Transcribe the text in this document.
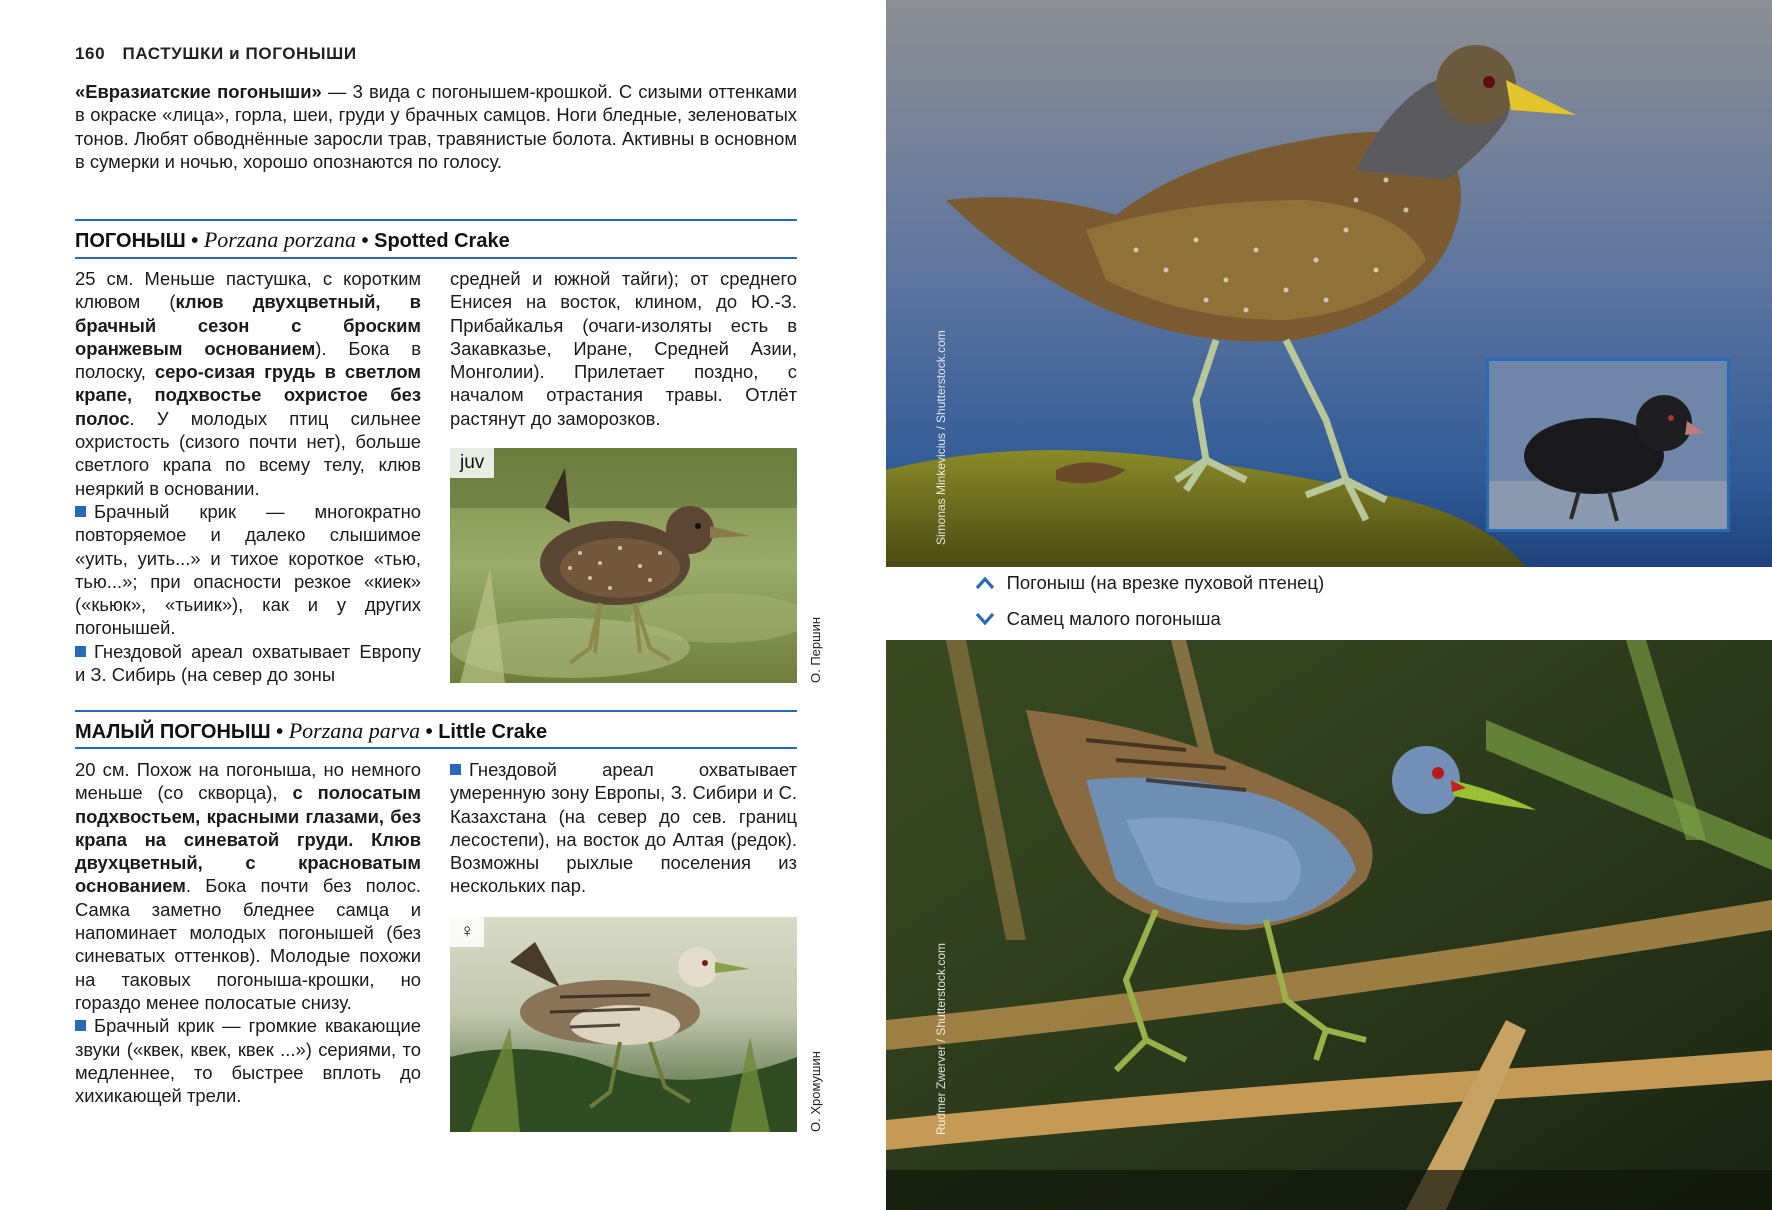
160 ПАСТУШКИ и ПОГОНЫШИ
«Евразиатские погоныши» — 3 вида с погонышем-крошкой. С сизыми оттенками в окраске «лица», горла, шеи, груди у брачных самцов. Ноги бледные, зеленоватых тонов. Любят обводнённые заросли трав, травянистые болота. Активны в основном в сумерки и ночью, хорошо опознаются по голосу.
ПОГОНЫШ • Porzana porzana • Spotted Crake
25 см. Меньше пастушка, с коротким клювом (клюв двухцветный, в брачный сезон с броским оранжевым основанием). Бока в полоску, серо-сизая грудь в светлом крапе, подхвостье охристое без полос. У молодых птиц сильнее охристость (сизого почти нет), больше светлого крапа по всему телу, клюв неяркий в основании.
Брачный крик — многократно повторяемое и далеко слышимое «уить, уить...» и тихое короткое «тью, тью...»; при опасности резкое «киек» («кьюк», «тьиик»), как и у других погонышей.
Гнездовой ареал охватывает Европу и З. Сибирь (на север до зоны
средней и южной тайги); от среднего Енисея на восток, клином, до Ю.-З. Прибайкалья (очаги-изоляты есть в Закавказье, Иране, Средней Азии, Монголии). Прилетает поздно, с началом отрастания травы. Отлёт растянут до заморозков.
juv
О. Першин
МАЛЫЙ ПОГОНЫШ • Porzana parva • Little Crake
20 см. Похож на погоныша, но немного меньше (со скворца), с полосатым подхвостьем, красными глазами, без крапа на синеватой груди. Клюв двухцветный, с красноватым основанием. Бока почти без полос. Самка заметно бледнее самца и напоминает молодых погонышей (без синеватых оттенков). Молодые похожи на таковых погоныша-крошки, но гораздо менее полосатые снизу.
Брачный крик — громкие квакающие звуки («квек, квек, квек ...») сериями, то медленнее, то быстрее вплоть до хихикающей трели.
Гнездовой ареал охватывает умеренную зону Европы, З. Сибири и С. Казахстана (на север до сев. границ лесостепи), на восток до Алтая (редок). Возможны рыхлые поселения из нескольких пар.
♀
О. Хромушин
Simonas Minkevicius / Shutterstock.com
Погоныш (на врезке пуховой птенец)
Самец малого погоныша
Rudmer Zwerver / Shutterstock.com
